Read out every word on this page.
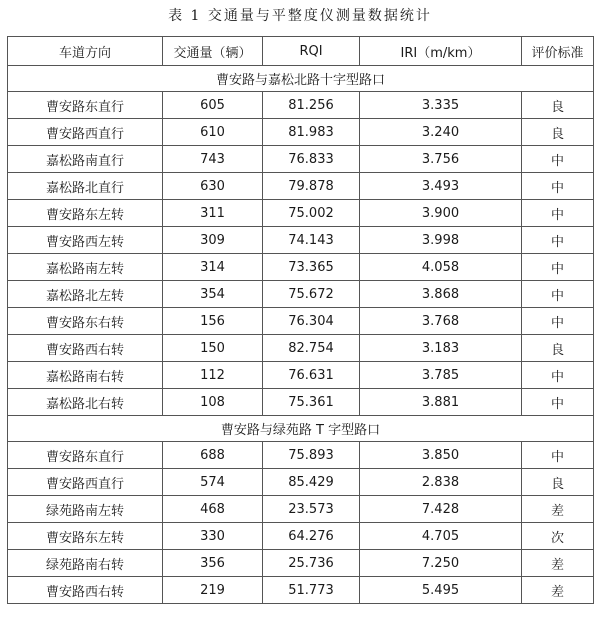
表 1 交通量与平整度仪测量数据统计
车道方向	交通量（辆）	RQI	IRI（m/km）	评价标准
曹安路与嘉松北路十字型路口				
曹安路东直行	605	81.256	3.335	良
曹安路西直行	610	81.983	3.240	良
嘉松路南直行	743	76.833	3.756	中
嘉松路北直行	630	79.878	3.493	中
曹安路东左转	311	75.002	3.900	中
曹安路西左转	309	74.143	3.998	中
嘉松路南左转	314	73.365	4.058	中
嘉松路北左转	354	75.672	3.868	中
曹安路东右转	156	76.304	3.768	中
曹安路西右转	150	82.754	3.183	良
嘉松路南右转	112	76.631	3.785	中
嘉松路北右转	108	75.361	3.881	中
曹安路与绿苑路 T 字型路口				
曹安路东直行	688	75.893	3.850	中
曹安路西直行	574	85.429	2.838	良
绿苑路南左转	468	23.573	7.428	差
曹安路东左转	330	64.276	4.705	次
绿苑路南右转	356	25.736	7.250	差
曹安路西右转	219	51.773	5.495	差
